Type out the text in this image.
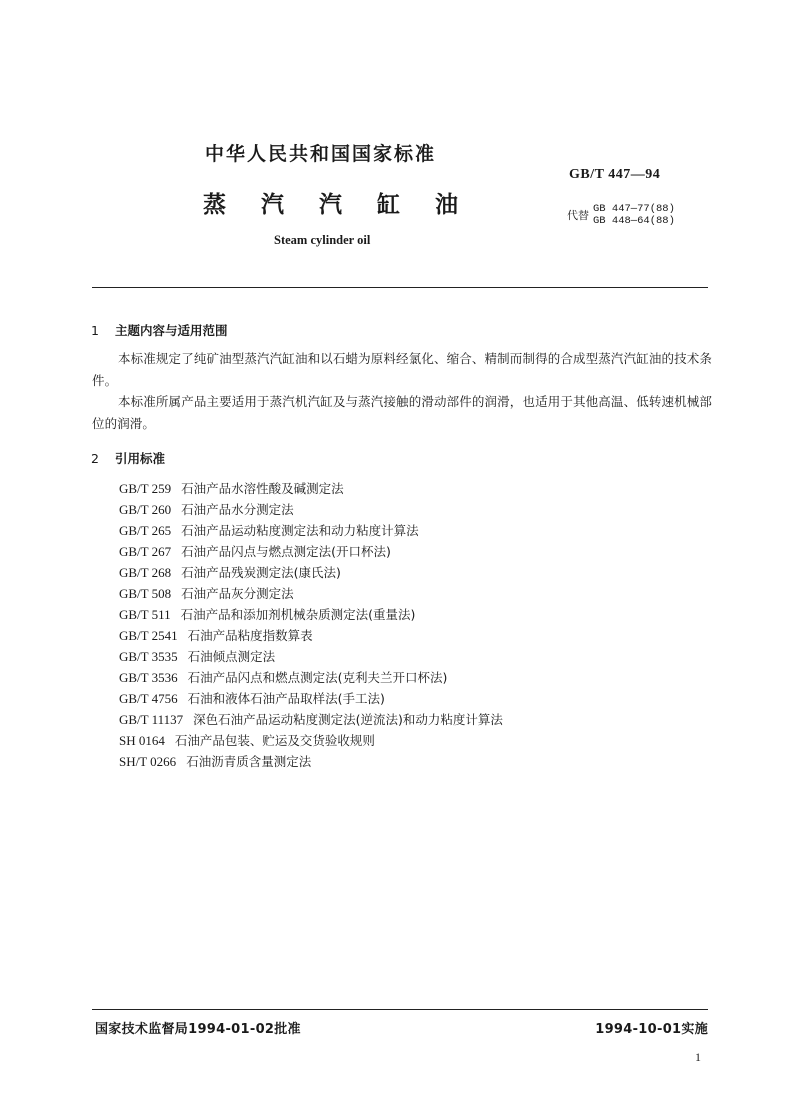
中华人民共和国国家标准
GB/T 447—94
蒸 汽 汽 缸 油	代替 GB 447—77(88)
GB 448—64(88)
Steam cylinder oil
1 主题内容与适用范围

本标准规定了纯矿油型蒸汽汽缸油和以石蜡为原料经氯化、缩合、精制而制得的合成型蒸汽汽缸油的技术条件。

本标准所属产品主要适用于蒸汽机汽缸及与蒸汽接触的滑动部件的润滑，也适用于其他高温、低转速机械部位的润滑。

2 引用标准
GB/T 259 石油产品水溶性酸及碱测定法
GB/T 260 石油产品水分测定法
GB/T 265 石油产品运动粘度测定法和动力粘度计算法
GB/T 267 石油产品闪点与燃点测定法(开口杯法)
GB/T 268 石油产品残炭测定法(康氏法)
GB/T 508 石油产品灰分测定法
GB/T 511 石油产品和添加剂机械杂质测定法(重量法)
GB/T 2541 石油产品粘度指数算表
GB/T 3535 石油倾点测定法
GB/T 3536 石油产品闪点和燃点测定法(克利夫兰开口杯法)
GB/T 4756 石油和液体石油产品取样法(手工法)
GB/T 11137 深色石油产品运动粘度测定法(逆流法)和动力粘度计算法
SH 0164 石油产品包装、贮运及交货验收规则
SH/T 0266 石油沥青质含量测定法
国家技术监督局1994-01-02批准	1994-10-01实施
1
